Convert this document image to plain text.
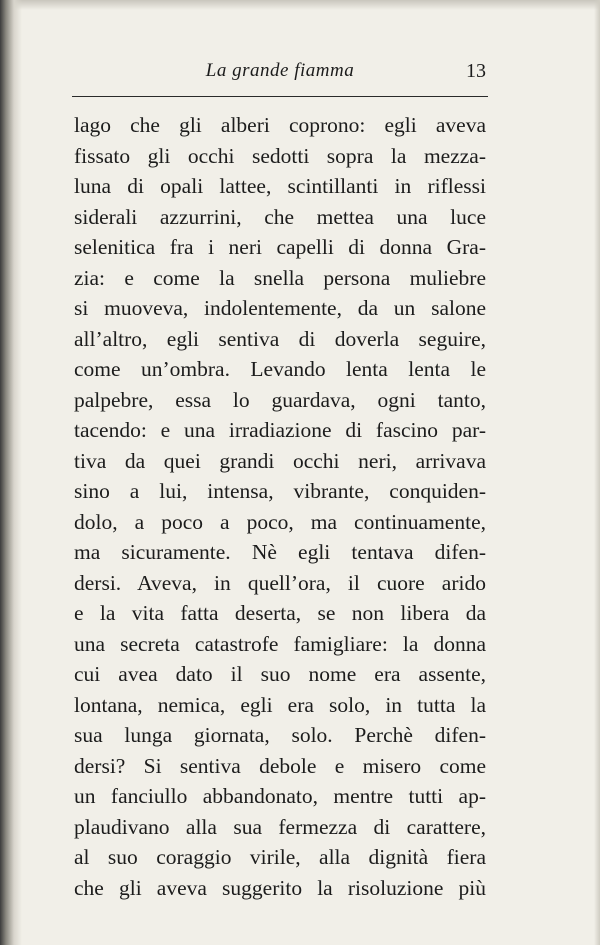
La grande fiamma	13
lago che gli alberi coprono: egli aveva
fissato gli occhi sedotti sopra la mezza-
luna di opali lattee, scintillanti in riflessi
siderali azzurrini, che mettea una luce
selenitica fra i neri capelli di donna Gra-
zia: e come la snella persona muliebre
si muoveva, indolentemente, da un salone
all’altro, egli sentiva di doverla seguire,
come un’ombra. Levando lenta lenta le
palpebre, essa lo guardava, ogni tanto,
tacendo: e una irradiazione di fascino par-
tiva da quei grandi occhi neri, arrivava
sino a lui, intensa, vibrante, conquiden-
dolo, a poco a poco, ma continuamente,
ma sicuramente. Nè egli tentava difen-
dersi. Aveva, in quell’ora, il cuore arido
e la vita fatta deserta, se non libera da
una secreta catastrofe famigliare: la donna
cui avea dato il suo nome era assente,
lontana, nemica, egli era solo, in tutta la
sua lunga giornata, solo. Perchè difen-
dersi? Si sentiva debole e misero come
un fanciullo abbandonato, mentre tutti ap-
plaudivano alla sua fermezza di carattere,
al suo coraggio virile, alla dignità fiera
che gli aveva suggerito la risoluzione più
